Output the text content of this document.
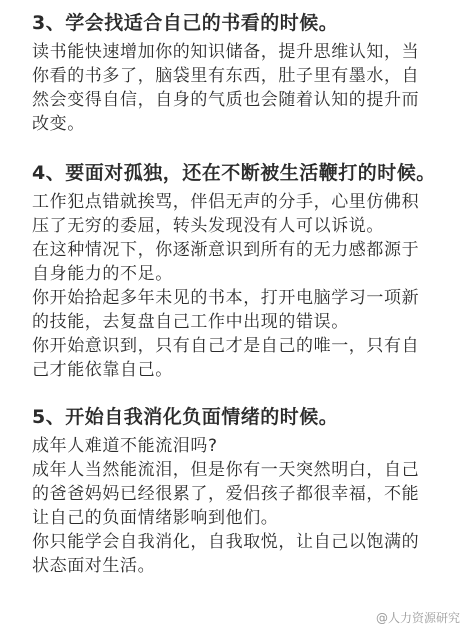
3、学会找适合自己的书看的时候。
读书能快速增加你的知识储备，提升思维认知，当
你看的书多了，脑袋里有东西，肚子里有墨水，自
然会变得自信，自身的气质也会随着认知的提升而
改变。
4、要面对孤独，还在不断被生活鞭打的时候。
工作犯点错就挨骂，伴侣无声的分手，心里仿佛积
压了无穷的委屈，转头发现没有人可以诉说。
在这种情况下，你逐渐意识到所有的无力感都源于
自身能力的不足。
你开始拾起多年未见的书本，打开电脑学习一项新
的技能，去复盘自己工作中出现的错误。
你开始意识到，只有自己才是自己的唯一，只有自
己才能依靠自己。
5、开始自我消化负面情绪的时候。
成年人难道不能流泪吗?
成年人当然能流泪，但是你有一天突然明白，自己
的爸爸妈妈已经很累了，爱侣孩子都很幸福，不能
让自己的负面情绪影响到他们。
你只能学会自我消化，自我取悦，让自己以饱满的
状态面对生活。
@人力资源研究
